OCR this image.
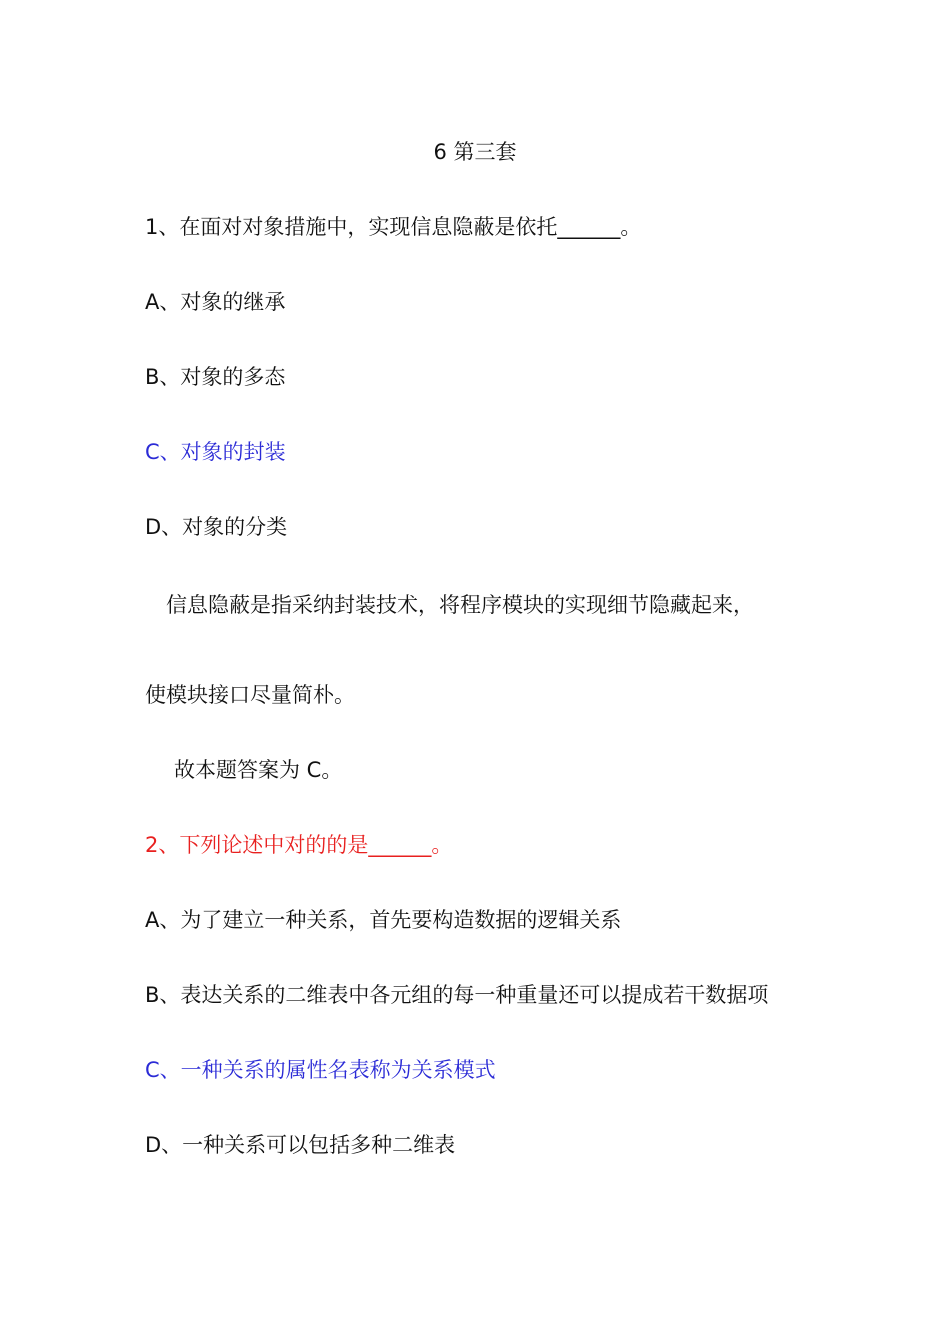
6 第三套
1、在面对对象措施中，实现信息隐蔽是依托______。
A、对象的继承
B、对象的多态
C、对象的封装
D、对象的分类
信息隐蔽是指采纳封装技术，将程序模块的实现细节隐藏起来，
使模块接口尽量简朴。
故本题答案为 C。
2、下列论述中对的的是______。
A、为了建立一种关系，首先要构造数据的逻辑关系
B、表达关系的二维表中各元组的每一种重量还可以提成若干数据项
C、一种关系的属性名表称为关系模式
D、一种关系可以包括多种二维表
